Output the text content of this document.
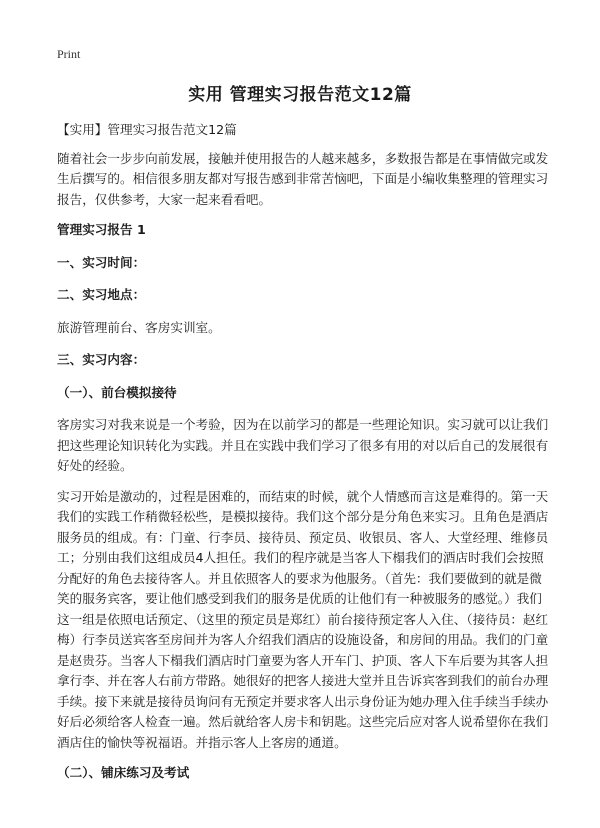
Print
实用 管理实习报告范文12篇

【实用】管理实习报告范文12篇

随着社会一步步向前发展，接触并使用报告的人越来越多，多数报告都是在事情做完或发生后撰写的。相信很多朋友都对写报告感到非常苦恼吧，下面是小编收集整理的管理实习报告，仅供参考，大家一起来看看吧。

管理实习报告 1

一、实习时间：

二、实习地点：

旅游管理前台、客房实训室。

三、实习内容：

（一）、前台模拟接待

客房实习对我来说是一个考验，因为在以前学习的都是一些理论知识。实习就可以让我们把这些理论知识转化为实践。并且在实践中我们学习了很多有用的对以后自己的发展很有好处的经验。

实习开始是激动的，过程是困难的，而结束的时候，就个人情感而言这是难得的。第一天我们的实践工作稍微轻松些，是模拟接待。我们这个部分是分角色来实习。且角色是酒店服务员的组成。有：门童、行李员、接待员、预定员、收银员、客人、大堂经理、维修员工；分别由我们这组成员4人担任。我们的程序就是当客人下榻我们的酒店时我们会按照分配好的角色去接待客人。并且依照客人的要求为他服务。（首先：我们要做到的就是微笑的服务宾客，要让他们感受到我们的服务是优质的让他们有一种被服务的感觉。）我们这一组是依照电话预定、（这里的预定员是郑红）前台接待预定客人入住、（接待员：赵红梅）行李员送宾客至房间并为客人介绍我们酒店的设施设备，和房间的用品。我们的门童是赵贵芬。当客人下榻我们酒店时门童要为客人开车门、护顶、客人下车后要为其客人担拿行李、并在客人右前方带路。她很好的把客人接进大堂并且告诉宾客到我们的前台办理手续。接下来就是接待员询问有无预定并要求客人出示身份证为她办理入住手续当手续办好后必须给客人检查一遍。然后就给客人房卡和钥匙。这些完后应对客人说希望你在我们酒店住的愉快等祝福语。并指示客人上客房的通道。

（二）、铺床练习及考试
